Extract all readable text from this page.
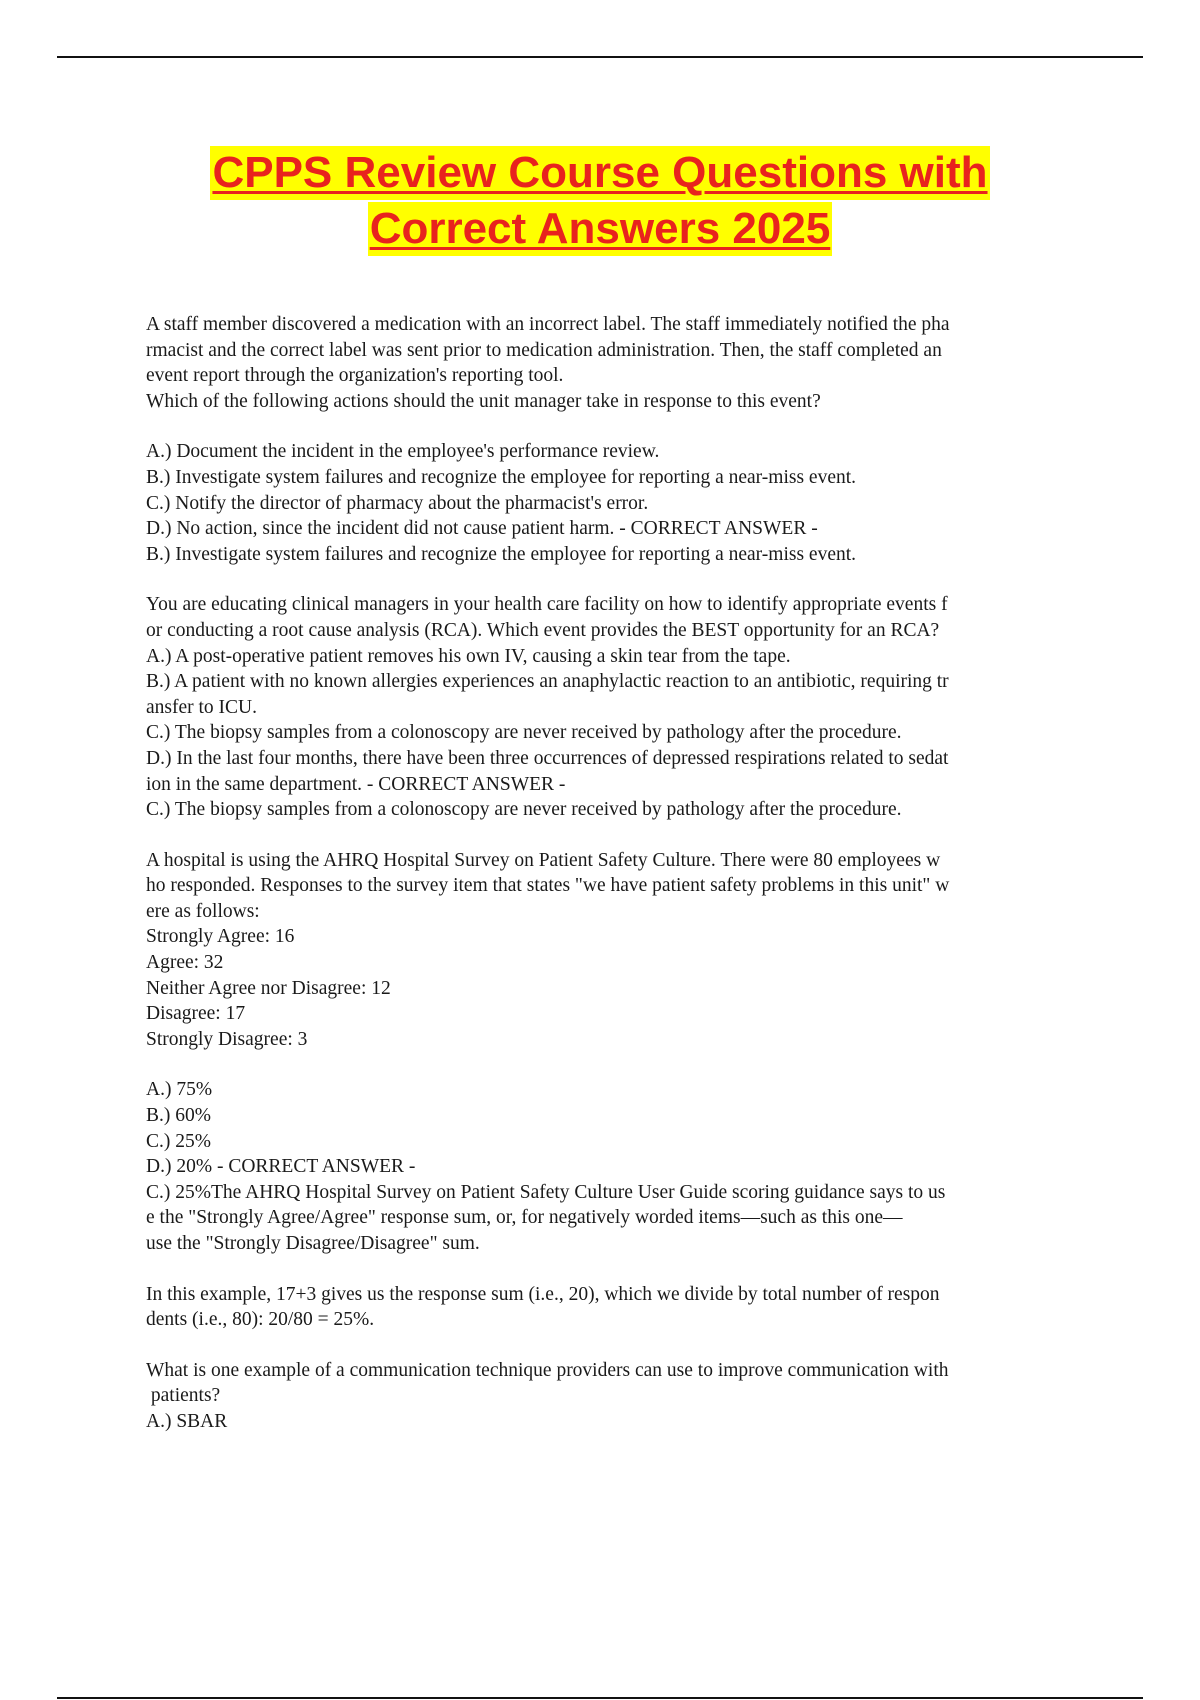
CPPS Review Course Questions with
Correct Answers 2025
A staff member discovered a medication with an incorrect label. The staff immediately notified the pha
rmacist and the correct label was sent prior to medication administration. Then, the staff completed an
event report through the organization's reporting tool.
Which of the following actions should the unit manager take in response to this event?
A.) Document the incident in the employee's performance review.
B.) Investigate system failures and recognize the employee for reporting a near-miss event.
C.) Notify the director of pharmacy about the pharmacist's error.
D.) No action, since the incident did not cause patient harm. - CORRECT ANSWER -
B.) Investigate system failures and recognize the employee for reporting a near-miss event.
You are educating clinical managers in your health care facility on how to identify appropriate events f
or conducting a root cause analysis (RCA). Which event provides the BEST opportunity for an RCA?
A.) A post-operative patient removes his own IV, causing a skin tear from the tape.
B.) A patient with no known allergies experiences an anaphylactic reaction to an antibiotic, requiring tr
ansfer to ICU.
C.) The biopsy samples from a colonoscopy are never received by pathology after the procedure.
D.) In the last four months, there have been three occurrences of depressed respirations related to sedat
ion in the same department. - CORRECT ANSWER -
C.) The biopsy samples from a colonoscopy are never received by pathology after the procedure.
A hospital is using the AHRQ Hospital Survey on Patient Safety Culture. There were 80 employees w
ho responded. Responses to the survey item that states "we have patient safety problems in this unit" w
ere as follows:
Strongly Agree: 16
Agree: 32
Neither Agree nor Disagree: 12
Disagree: 17
Strongly Disagree: 3
A.) 75%
B.) 60%
C.) 25%
D.) 20% - CORRECT ANSWER -
C.) 25%The AHRQ Hospital Survey on Patient Safety Culture User Guide scoring guidance says to us
e the "Strongly Agree/Agree" response sum, or, for negatively worded items—such as this one—
use the "Strongly Disagree/Disagree" sum.
In this example, 17+3 gives us the response sum (i.e., 20), which we divide by total number of respon
dents (i.e., 80): 20/80 = 25%.
What is one example of a communication technique providers can use to improve communication with
patients?
A.) SBAR
